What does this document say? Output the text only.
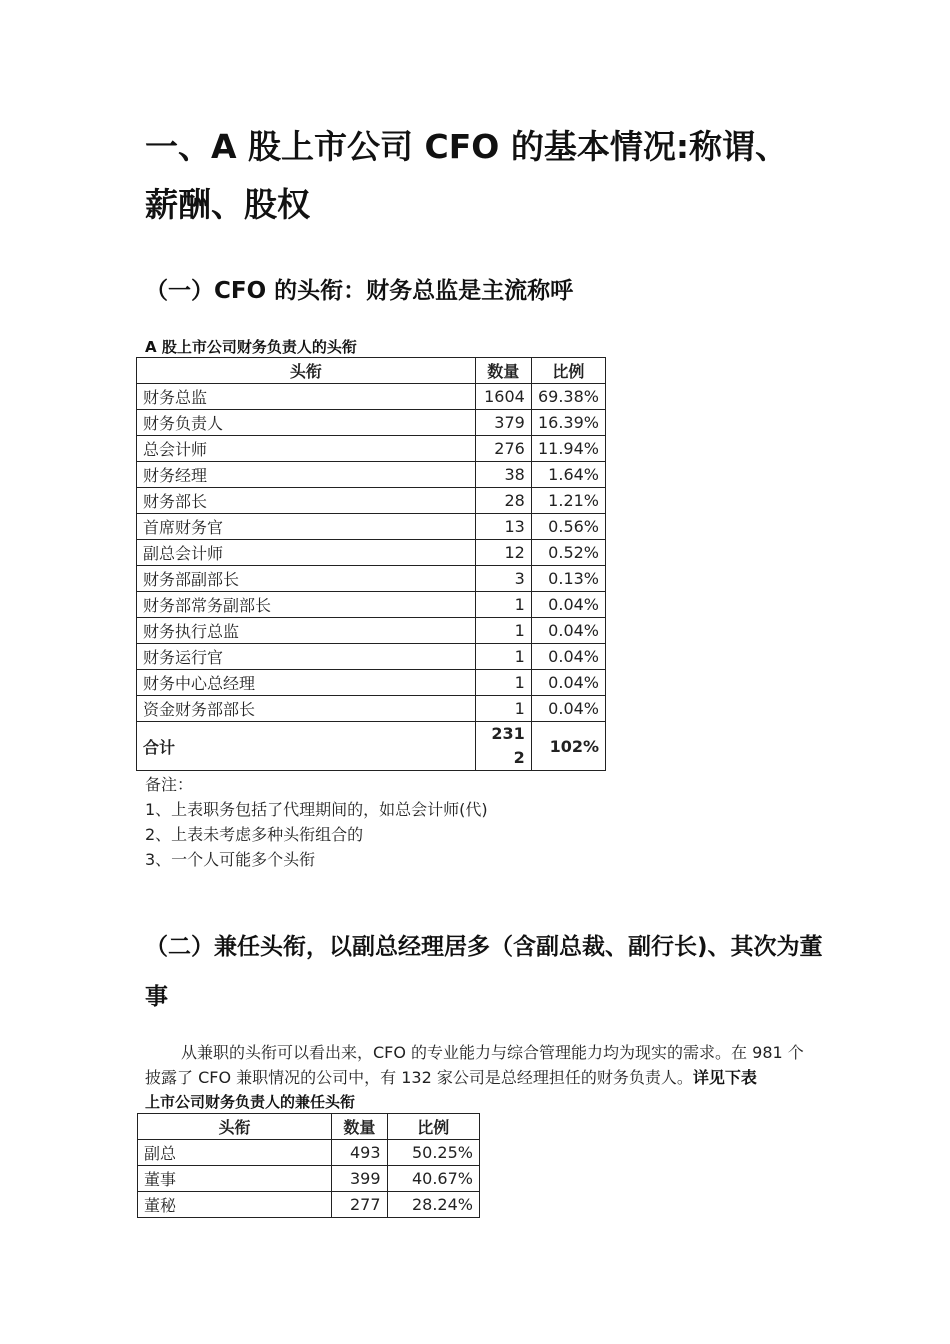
一、A 股上市公司 CFO 的基本情况:称谓、薪酬、股权
（一）CFO 的头衔：财务总监是主流称呼
A 股上市公司财务负责人的头衔
头衔	数量	比例
财务总监	1604	69.38%
财务负责人	379	16.39%
总会计师	276	11.94%
财务经理	38	1.64%
财务部长	28	1.21%
首席财务官	13	0.56%
副总会计师	12	0.52%
财务部副部长	3	0.13%
财务部常务副部长	1	0.04%
财务执行总监	1	0.04%
财务运行官	1	0.04%
财务中心总经理	1	0.04%
资金财务部部长	1	0.04%
合计	2312	102%
备注：
1、上表职务包括了代理期间的，如总会计师(代)
2、上表未考虑多种头衔组合的
3、一个人可能多个头衔
（二）兼任头衔，以副总经理居多（含副总裁、副行长)、其次为董事
从兼职的头衔可以看出来，CFO 的专业能力与综合管理能力均为现实的需求。在 981 个披露了 CFO 兼职情况的公司中，有 132 家公司是总经理担任的财务负责人。详见下表
上市公司财务负责人的兼任头衔
头衔	数量	比例
副总	493	50.25%
董事	399	40.67%
董秘	277	28.24%
